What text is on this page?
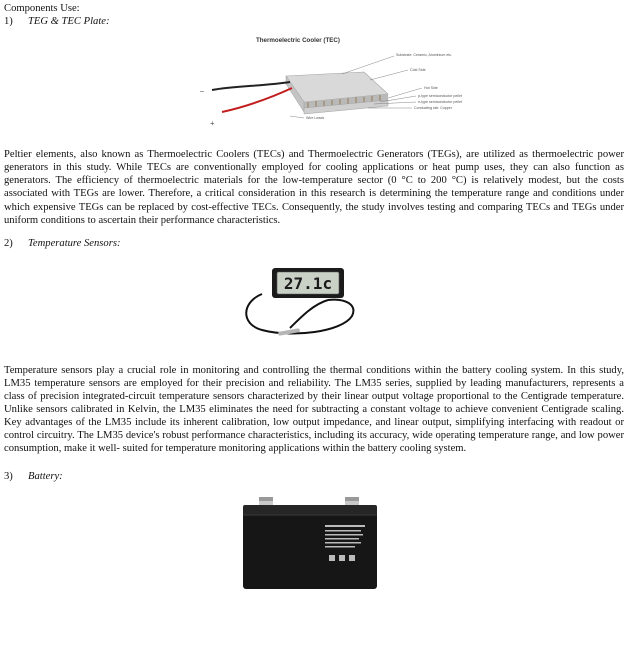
Components Use:

1) TEG & TEC Plate:

Thermoelectric Cooler (TEC)
–
+
Substrate: Ceramic, Aluminium etc.
Cold Side
Hot Side
p-type semiconductor pellet
n-type semiconductor pellet
Conducting tab: Copper
Wire Leads

Peltier elements, also known as Thermoelectric Coolers (TECs) and Thermoelectric Generators (TEGs), are utilized as thermoelectric power generators in this study. While TECs are conventionally employed for cooling applications or heat pump uses, they can also function as generators. The efficiency of thermoelectric materials for the low-temperature sector (0 °C to 200 °C) is relatively modest, but the costs associated with TEGs are lower. Therefore, a critical consideration in this research is determining the temperature range and conditions under which expensive TEGs can be replaced by cost-effective TECs. Consequently, the study involves testing and comparing TECs and TEGs under uniform conditions to ascertain their performance characteristics.

2) Temperature Sensors:

27.1c

Temperature sensors play a crucial role in monitoring and controlling the thermal conditions within the battery cooling system. In this study, LM35 temperature sensors are employed for their precision and reliability. The LM35 series, supplied by leading manufacturers, represents a class of precision integrated-circuit temperature sensors characterized by their linear output voltage proportional to the Centigrade temperature. Unlike sensors calibrated in Kelvin, the LM35 eliminates the need for subtracting a constant voltage to achieve convenient Centigrade scaling. Key advantages of the LM35 include its inherent calibration, low output impedance, and linear output, simplifying interfacing with readout or control circuitry. The LM35 device's robust performance characteristics, including its accuracy, wide operating temperature range, and low power consumption, make it well- suited for temperature monitoring applications within the battery cooling system.

3) Battery:
